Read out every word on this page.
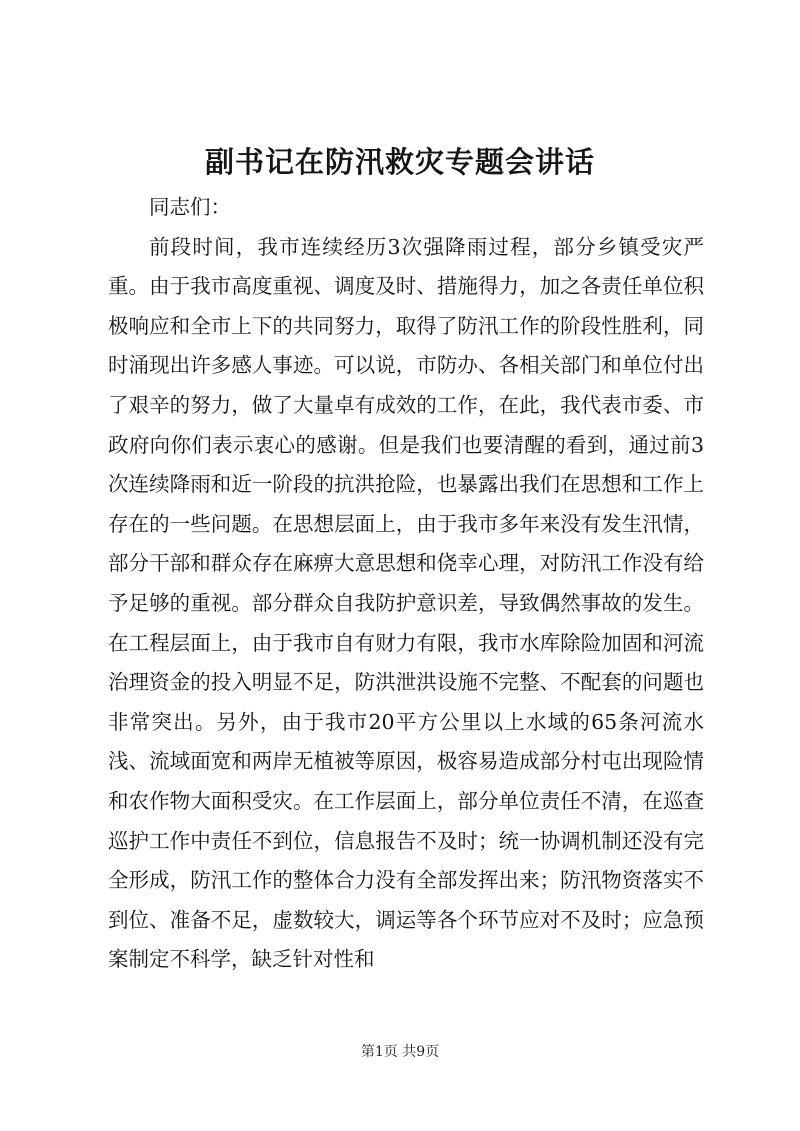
副书记在防汛救灾专题会讲话

同志们：

前段时间，我市连续经历3次强降雨过程，部分乡镇受灾严重。由于我市高度重视、调度及时、措施得力，加之各责任单位积极响应和全市上下的共同努力，取得了防汛工作的阶段性胜利，同时涌现出许多感人事迹。可以说，市防办、各相关部门和单位付出了艰辛的努力，做了大量卓有成效的工作，在此，我代表市委、市政府向你们表示衷心的感谢。但是我们也要清醒的看到，通过前3次连续降雨和近一阶段的抗洪抢险，也暴露出我们在思想和工作上存在的一些问题。在思想层面上，由于我市多年来没有发生汛情，部分干部和群众存在麻痹大意思想和侥幸心理，对防汛工作没有给予足够的重视。部分群众自我防护意识差，导致偶然事故的发生。在工程层面上，由于我市自有财力有限，我市水库除险加固和河流治理资金的投入明显不足，防洪泄洪设施不完整、不配套的问题也非常突出。另外，由于我市20平方公里以上水域的65条河流水浅、流域面宽和两岸无植被等原因，极容易造成部分村屯出现险情和农作物大面积受灾。在工作层面上，部分单位责任不清，在巡查巡护工作中责任不到位，信息报告不及时；统一协调机制还没有完全形成，防汛工作的整体合力没有全部发挥出来；防汛物资落实不到位、准备不足，虚数较大，调运等各个环节应对不及时；应急预案制定不科学，缺乏针对性和

第1页 共9页
